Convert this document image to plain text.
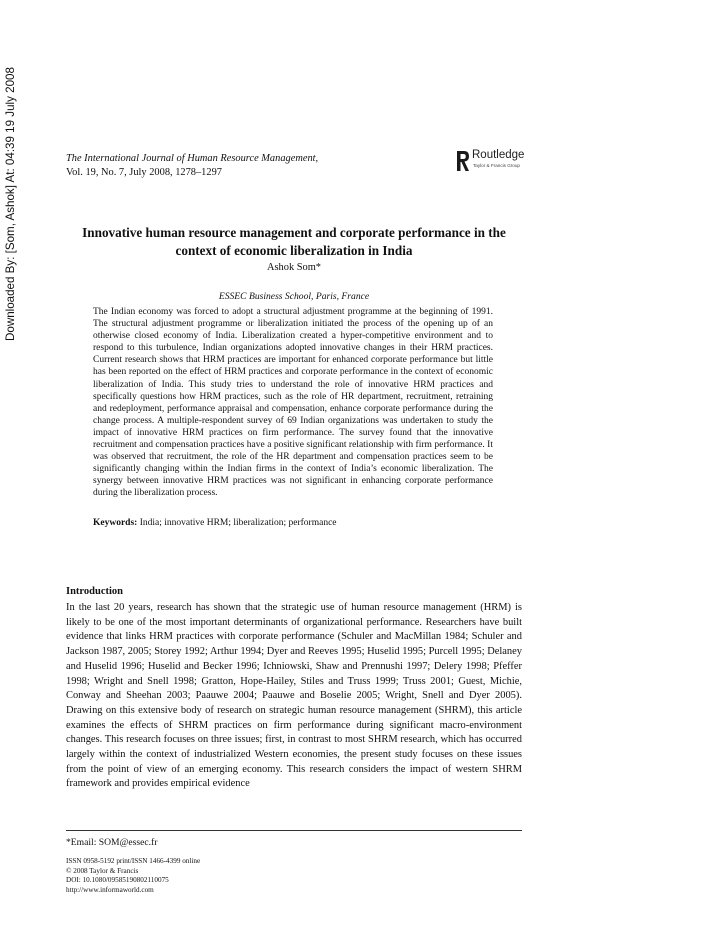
Downloaded By: [Som, Ashok] At: 04:39 19 July 2008	The International Journal of Human Resource Management,
Vol. 19, No. 7, July 2008, 1278–1297
Routledge
Taylor & Francis Group
Innovative human resource management and corporate performance in the context of economic liberalization in India
Ashok Som*
ESSEC Business School, Paris, France

The Indian economy was forced to adopt a structural adjustment programme at the beginning of 1991. The structural adjustment programme or liberalization initiated the process of the opening up of an otherwise closed economy of India. Liberalization created a hyper-competitive environment and to respond to this turbulence, Indian organizations adopted innovative changes in their HRM practices. Current research shows that HRM practices are important for enhanced corporate performance but little has been reported on the effect of HRM practices and corporate performance in the context of economic liberalization of India. This study tries to understand the role of innovative HRM practices and specifically questions how HRM practices, such as the role of HR department, recruitment, retraining and redeployment, performance appraisal and compensation, enhance corporate performance during the change process. A multiple-respondent survey of 69 Indian organizations was undertaken to study the impact of innovative HRM practices on firm performance. The survey found that the innovative recruitment and compensation practices have a positive significant relationship with firm performance. It was observed that recruitment, the role of the HR department and compensation practices seem to be significantly changing within the Indian firms in the context of India’s economic liberalization. The synergy between innovative HRM practices was not significant in enhancing corporate performance during the liberalization process.

Keywords: India; innovative HRM; liberalization; performance

Introduction

In the last 20 years, research has shown that the strategic use of human resource management (HRM) is likely to be one of the most important determinants of organizational performance. Researchers have built evidence that links HRM practices with corporate performance (Schuler and MacMillan 1984; Schuler and Jackson 1987, 2005; Storey 1992; Arthur 1994; Dyer and Reeves 1995; Huselid 1995; Purcell 1995; Delaney and Huselid 1996; Huselid and Becker 1996; Ichniowski, Shaw and Prennushi 1997; Delery 1998; Pfeffer 1998; Wright and Snell 1998; Gratton, Hope-Hailey, Stiles and Truss 1999; Truss 2001; Guest, Michie, Conway and Sheehan 2003; Paauwe 2004; Paauwe and Boselie 2005; Wright, Snell and Dyer 2005). Drawing on this extensive body of research on strategic human resource management (SHRM), this article examines the effects of SHRM practices on firm performance during significant macro-environment changes. This research focuses on three issues; first, in contrast to most SHRM research, which has occurred largely within the context of industrialized Western economies, the present study focuses on these issues from the point of view of an emerging economy. This research considers the impact of western SHRM framework and provides empirical evidence

*Email: SOM@essec.fr
ISSN 0958-5192 print/ISSN 1466-4399 online
© 2008 Taylor & Francis
DOI: 10.1080/09585190802110075
http://www.informaworld.com
